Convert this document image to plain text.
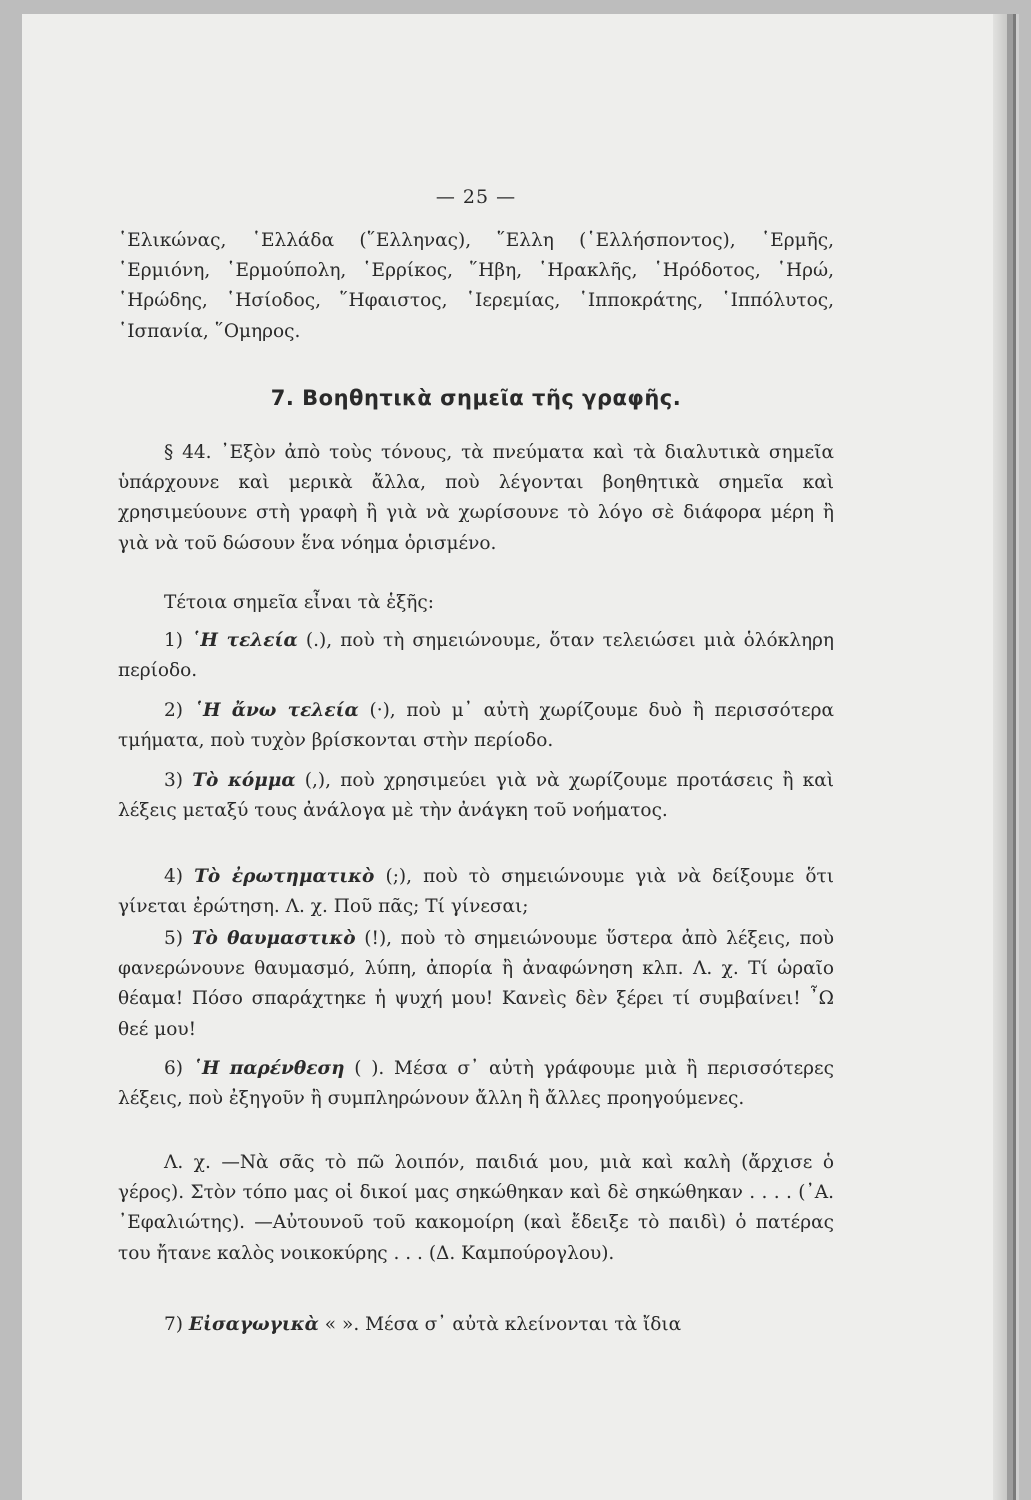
— 25 —

῾Ελικώνας, ῾Ελλάδα (῞Ελληνας), ῞Ελλη (῾Ελλήσποντος), ῾Ερμῆς, ῾Ερμιόνη, ῾Ερμούπολη, ῾Ερρίκος, ῞Ηβη, ῾Ηρακλῆς, ῾Ηρόδοτος, ῾Ηρώ, ῾Ηρώδης, ῾Ησίοδος, ῞Ηφαιστος, ῾Ιερεμίας, ῾Ιπποκράτης, ῾Ιππόλυτος, ῾Ισπανία, ῞Ομηρος.

7. Βοηθητικὰ σημεῖα τῆς γραφῆς.

§ 44. ᾿Εξὸν ἀπὸ τοὺς τόνους, τὰ πνεύματα καὶ τὰ διαλυτικὰ σημεῖα ὑπάρχουνε καὶ μερικὰ ἄλλα, ποὺ λέγονται βοηθητικὰ σημεῖα καὶ χρησιμεύουνε στὴ γραφὴ ἢ γιὰ νὰ χωρίσουνε τὸ λόγο σὲ διάφορα μέρη ἢ γιὰ νὰ τοῦ δώσουν ἕνα νόημα ὁρισμένο.

Τέτοια σημεῖα εἶναι τὰ ἑξῆς:

1) ῾Η τελεία (.), ποὺ τὴ σημειώνουμε, ὅταν τελειώσει μιὰ ὁλόκληρη περίοδο.

2) ῾Η ἄνω τελεία (·), ποὺ μ᾿ αὐτὴ χωρίζουμε δυὸ ἢ περισσότερα τμήματα, ποὺ τυχὸν βρίσκονται στὴν περίοδο.

3) Τὸ κόμμα (,), ποὺ χρησιμεύει γιὰ νὰ χωρίζουμε προτάσεις ἢ καὶ λέξεις μεταξύ τους ἀνάλογα μὲ τὴν ἀνάγκη τοῦ νοήματος.

4) Τὸ ἐρωτηματικὸ (;), ποὺ τὸ σημειώνουμε γιὰ νὰ δείξουμε ὅτι γίνεται ἐρώτηση. Λ. χ. Ποῦ πᾶς; Τί γίνεσαι;

5) Τὸ θαυμαστικὸ (!), ποὺ τὸ σημειώνουμε ὕστερα ἀπὸ λέξεις, ποὺ φανερώνουνε θαυμασμό, λύπη, ἀπορία ἢ ἀναφώνηση κλπ. Λ. χ. Τί ὡραῖο θέαμα! Πόσο σπαράχτηκε ἡ ψυχή μου! Κανεὶς δὲν ξέρει τί συμβαίνει! ῏Ω θεέ μου!

6) ῾Η παρένθεση ( ). Μέσα σ᾿ αὐτὴ γράφουμε μιὰ ἢ περισσότερες λέξεις, ποὺ ἐξηγοῦν ἢ συμπληρώνουν ἄλλη ἢ ἄλλες προηγούμενες.

Λ. χ. —Νὰ σᾶς τὸ πῶ λοιπόν, παιδιά μου, μιὰ καὶ καλὴ (ἄρχισε ὁ γέρος). Στὸν τόπο μας οἱ δικοί μας σηκώθηκαν καὶ δὲ σηκώθηκαν . . . . (᾿Α. ᾿Εφαλιώτης). —Αὐτουνοῦ τοῦ κακομοίρη (καὶ ἔδειξε τὸ παιδὶ) ὁ πατέρας του ἤτανε καλὸς νοικοκύρης . . . (Δ. Καμπούρογλου).

7) Εἰσαγωγικὰ « ». Μέσα σ᾿ αὐτὰ κλείνονται τὰ ἴδια
